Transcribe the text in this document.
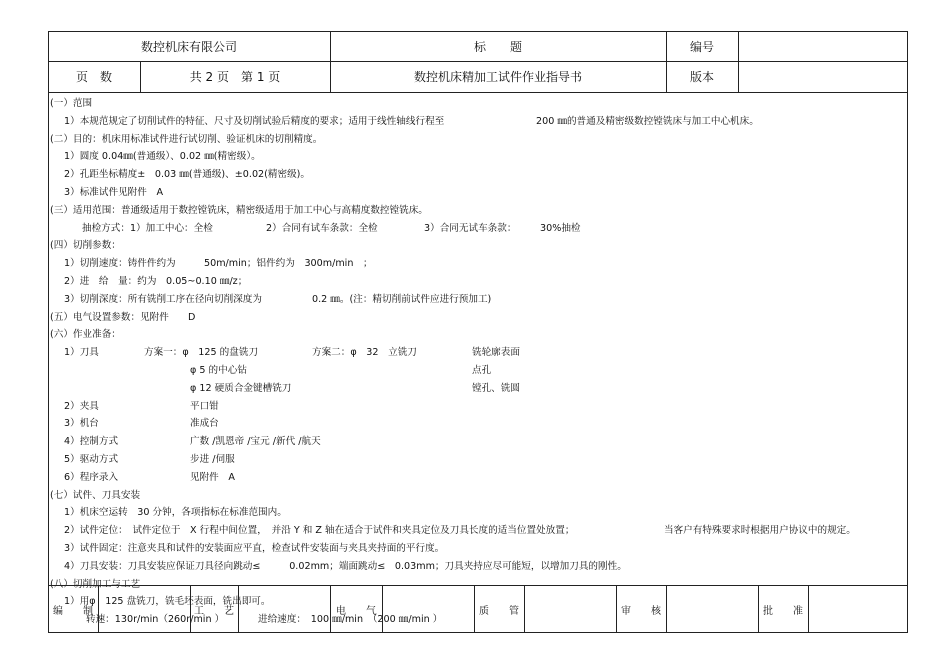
数控机床有限公司	标　　题	编号
页　数	共 2 页　第 1 页	数控机床精加工试件作业指导书	版本
(一）范围
1）本规范规定了切削试件的特征、尺寸及切削试验后精度的要求；适用于线性轴线行程至	200 ㎜的普通及精密级数控镗铣床与加工中心机床。
(二）目的：机床用标准试件进行试切削、验证机床的切削精度。
1）圆度 0.04㎜(普通级）、0.02 ㎜(精密级）。
2）孔距坐标精度±　0.03 ㎜(普通级)、±0.02(精密级)。
3）标准试件见附件　A
(三）适用范围：普通级适用于数控镗铣床，精密级适用于加工中心与高精度数控镗铣床。
抽检方式：1）加工中心：全检	2）合同有试车条款：全检	3）合同无试车条款： 30%抽检
(四）切削参数：
1）切削速度：铸件件约为	50m/min；铝件约为　300m/min　；
2）进　给　量：约为　0.05~0.10 ㎜/z；
3）切削深度：所有铣削工序在径向切削深度为	0.2 ㎜。(注：精切削前试件应进行预加工)
(五）电气设置参数：见附件　　D
(六）作业准备：
1）刀具	方案一：φ　125 的盘铣刀	方案二：φ　32　立铣刀	铣轮廓表面
φ 5 的中心钻	点孔
φ 12 硬质合金键槽铣刀	镗孔、铣圆
2）夹具	平口钳
3）机台	准成台
4）控制方式	广数 /凯恩帝 /宝元 /新代 /航天
5）驱动方式	步进 /伺服
6）程序录入	见附件　A
(七）试件、刀具安装
1）机床空运转　30 分钟，各项指标在标准范围内。
2）试件定位：　试件定位于　X 行程中间位置，　并沿 Y 和 Z 轴在适合于试件和夹具定位及刀具长度的适当位置处放置；	当客户有特殊要求时根据用户协议中的规定。
3）试件固定：注意夹具和试件的安装面应平直，检查试件安装面与夹具夹持面的平行度。
4）刀具安装：刀具安装应保证刀具径向跳动≤　　　0.02mm；端面跳动≤　0.03mm；刀具夹持应尽可能短，以增加刀具的刚性。
(八）切削加工与工艺
1）用φ　125 盘铣刀，铣毛坯表面，铣出即可。
转速：130r/min（260r/min ）	进给速度：　100 ㎜/min　（200 ㎜/min ）
编　　制	工　　艺	电　　气	质　　管	审　　核	批　　准
